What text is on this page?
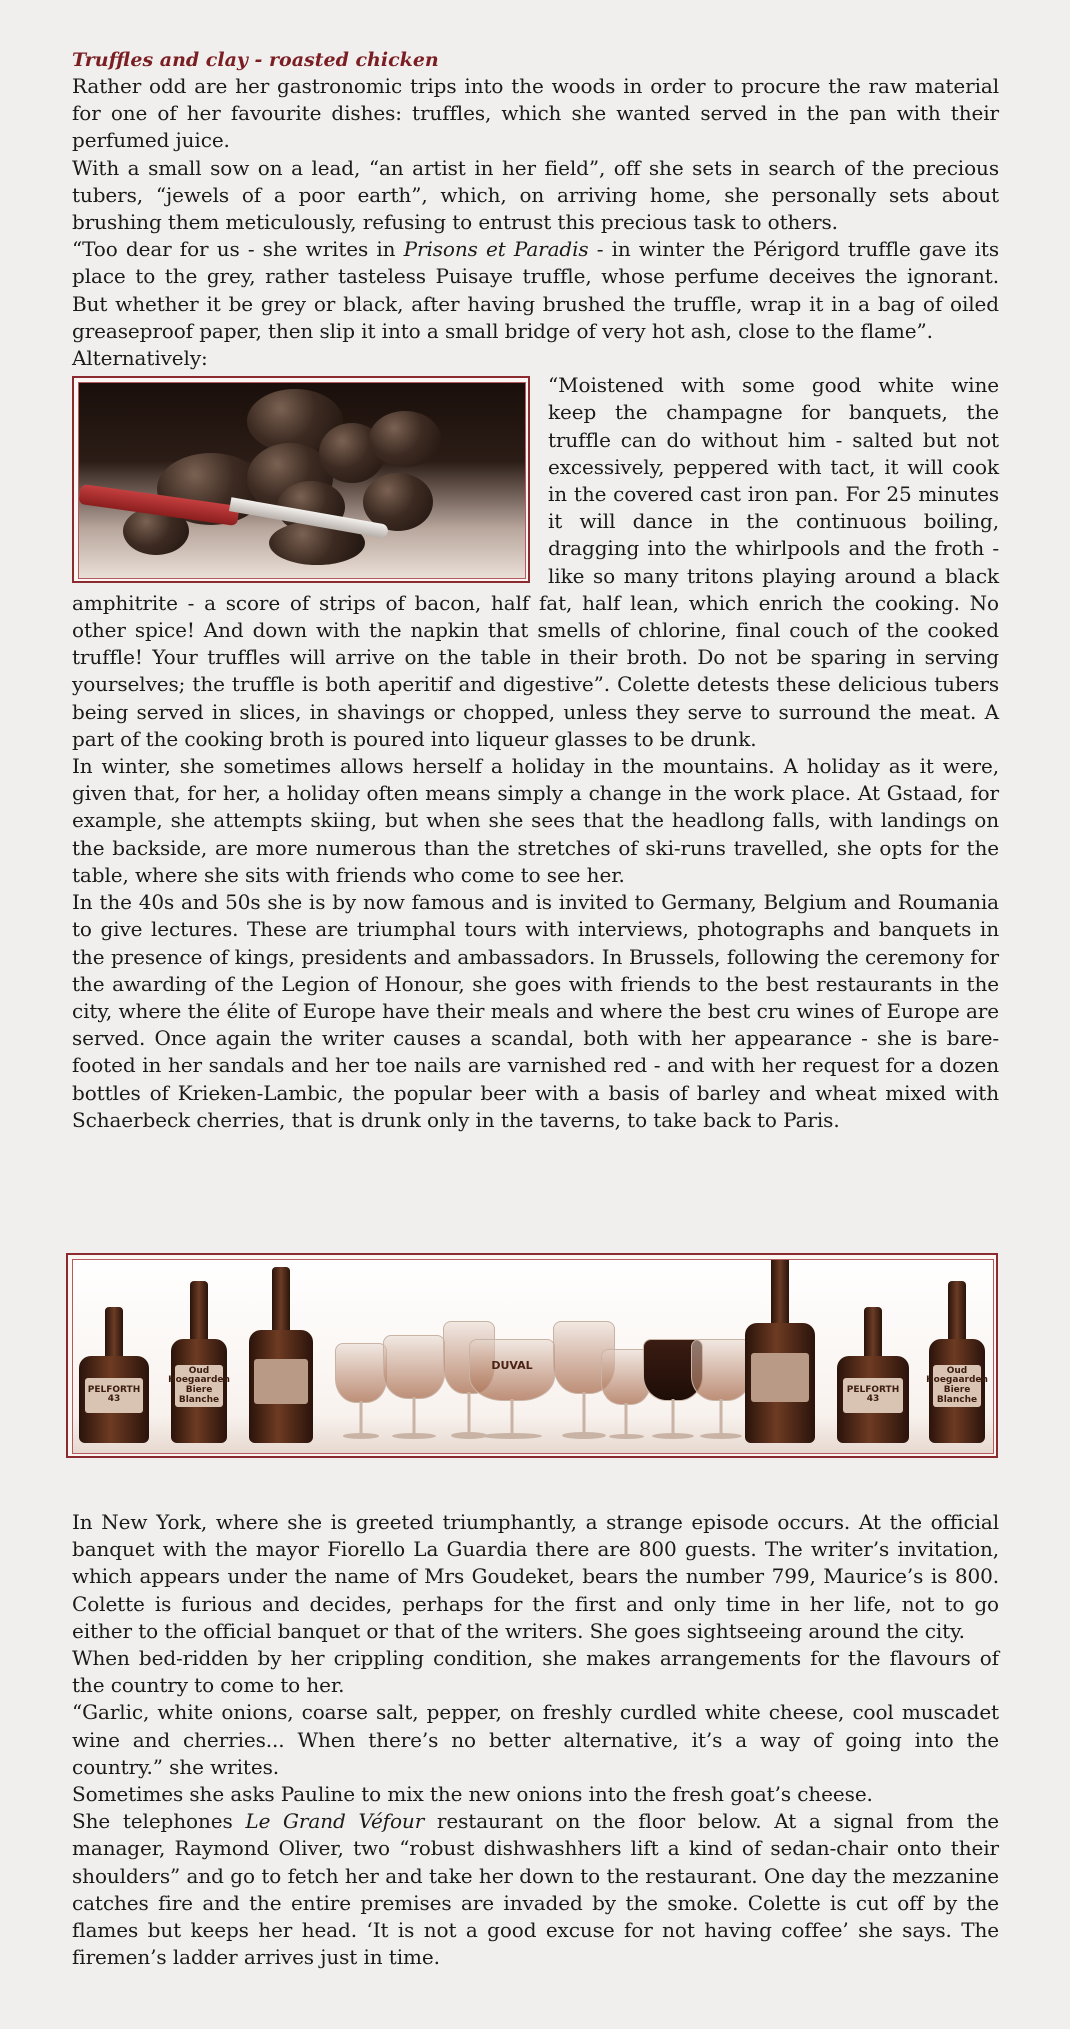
Truffles and clay - roasted chicken

Rather odd are her gastronomic trips into the woods in order to procure the raw material for one of her favourite dishes: truffles, which she wanted served in the pan with their perfumed juice.

With a small sow on a lead, “an artist in her field”, off she sets in search of the precious tubers, “jewels of a poor earth”, which, on arriving home, she personally sets about brushing them meticulously, refusing to entrust this precious task to others.

“Too dear for us - she writes in Prisons et Paradis - in winter the Périgord truffle gave its place to the grey, rather tasteless Puisaye truffle, whose perfume deceives the ignorant. But whether it be grey or black, after having brushed the truffle, wrap it in a bag of oiled greaseproof paper, then slip it into a small bridge of very hot ash, close to the flame”.

Alternatively:

“Moistened with some good white wine keep the champagne for banquets, the truffle can do without him - salted but not excessively, peppered with tact, it will cook in the covered cast iron pan. For 25 minutes it will dance in the continuous boiling, dragging into the whirlpools and the froth - like so many tritons playing around a black amphitrite - a score of strips of bacon, half fat, half lean, which enrich the cooking. No other spice! And down with the napkin that smells of chlorine, final couch of the cooked truffle! Your truffles will arrive on the table in their broth. Do not be sparing in serving yourselves; the truffle is both aperitif and digestive”. Colette detests these delicious tubers being served in slices, in shavings or chopped, unless they serve to surround the meat. A part of the cooking broth is poured into liqueur glasses to be drunk.

In winter, she sometimes allows herself a holiday in the mountains. A holiday as it were, given that, for her, a holiday often means simply a change in the work place. At Gstaad, for example, she attempts skiing, but when she sees that the headlong falls, with landings on the backside, are more numerous than the stretches of ski-runs travelled, she opts for the table, where she sits with friends who come to see her.

In the 40s and 50s she is by now famous and is invited to Germany, Belgium and Roumania to give lectures. These are triumphal tours with interviews, photographs and banquets in the presence of kings, presidents and ambassadors. In Brussels, following the ceremony for the awarding of the Legion of Honour, she goes with friends to the best restaurants in the city, where the élite of Europe have their meals and where the best cru wines of Europe are served. Once again the writer causes a scandal, both with her appearance - she is bare-footed in her sandals and her toe nails are varnished red - and with her request for a dozen bottles of Krieken-Lambic, the popular beer with a basis of barley and wheat mixed with Schaerbeck cherries, that is drunk only in the taverns, to take back to Paris.

PELFORTH
43
Oud Hoegaarden
Biere Blanche
DUVAL
PELFORTH
43
Oud Hoegaarden
Biere Blanche

In New York, where she is greeted triumphantly, a strange episode occurs. At the official banquet with the mayor Fiorello La Guardia there are 800 guests. The writer’s invitation, which appears under the name of Mrs Goudeket, bears the number 799, Maurice’s is 800. Colette is furious and decides, perhaps for the first and only time in her life, not to go either to the official banquet or that of the writers. She goes sightseeing around the city.

When bed-ridden by her crippling condition, she makes arrangements for the flavours of the country to come to her.

“Garlic, white onions, coarse salt, pepper, on freshly curdled white cheese, cool muscadet wine and cherries... When there’s no better alternative, it’s a way of going into the country.” she writes.

Sometimes she asks Pauline to mix the new onions into the fresh goat’s cheese.

She telephones Le Grand Véfour restaurant on the floor below. At a signal from the manager, Raymond Oliver, two “robust dishwashhers lift a kind of sedan-chair onto their shoulders” and go to fetch her and take her down to the restaurant. One day the mezzanine catches fire and the entire premises are invaded by the smoke. Colette is cut off by the flames but keeps her head. ‘It is not a good excuse for not having coffee’ she says. The firemen’s ladder arrives just in time.
